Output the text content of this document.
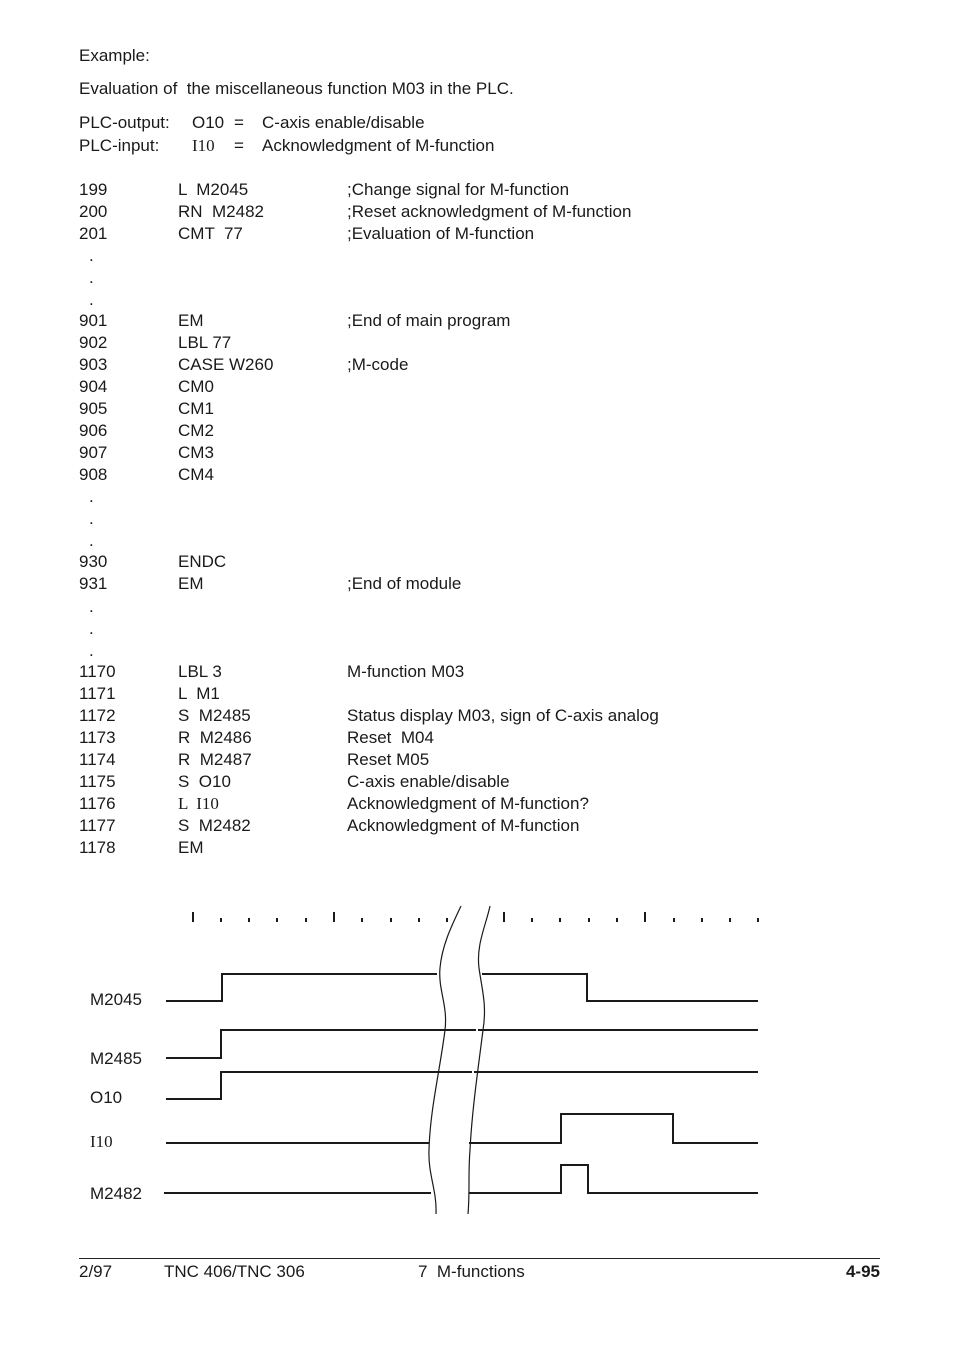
Example:
Evaluation of  the miscellaneous function M03 in the PLC.
PLC-output: O10 = C-axis enable/disable
PLC-input: I10 = Acknowledgment of M-function
199	L  M2045	;Change signal for M-function
200	RN  M2482	;Reset acknowledgment of M-function
201	CMT  77	;Evaluation of M-function
901	EM	;End of main program
902	LBL 77
903	CASE W260	;M-code
904	CM0
905	CM1
906	CM2
907	CM3
908	CM4
930	ENDC
931	EM	;End of module
1170	LBL 3	M-function M03
1171	L  M1
1172	S  M2485	Status display M03, sign of C-axis analog
1173	R  M2486	Reset  M04
1174	R  M2487	Reset M05
1175	S  O10	C-axis enable/disable
1176	L  I10	Acknowledgment of M-function?
1177	S  M2482	Acknowledgment of M-function
1178	EM
.
.
.
.
.
.
.
.
.
M2045
M2485
O10
I10
M2482
2/97	TNC 406/TNC 306	7  M-functions	4-95
